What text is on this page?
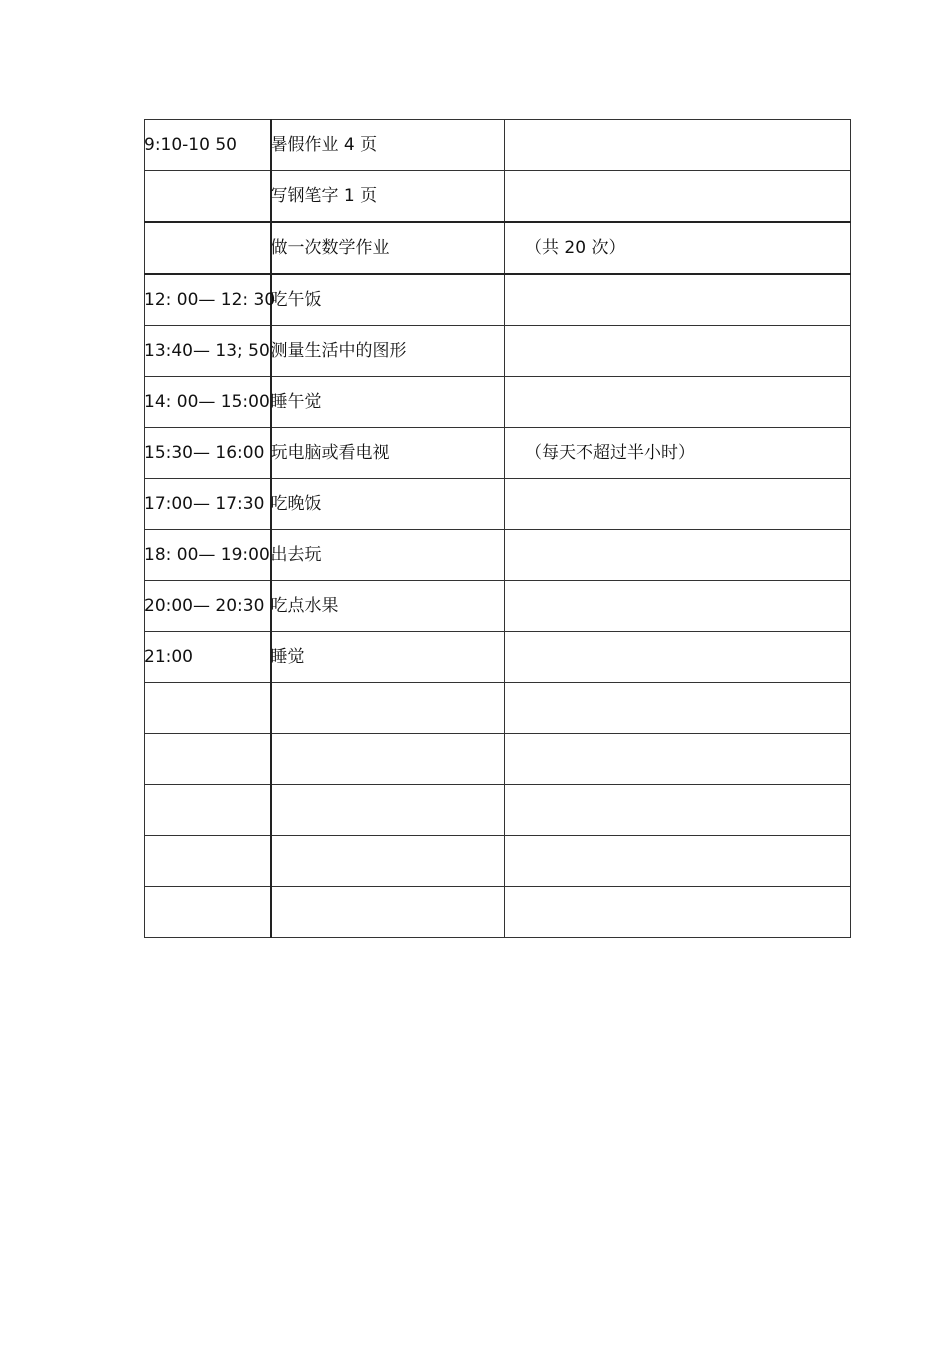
9:10-10 50	暑假作业 4 页	
	写钢笔字 1 页	
	做一次数学作业	（共 20 次）
12: 00— 12: 30	吃午饭	
13:40— 13; 50	测量生活中的图形	
14: 00— 15:00	睡午觉	
15:30— 16:00	玩电脑或看电视	（每天不超过半小时）
17:00— 17:30	吃晚饭	
18: 00— 19:00	出去玩	
20:00— 20:30	吃点水果	
21:00	睡觉	
